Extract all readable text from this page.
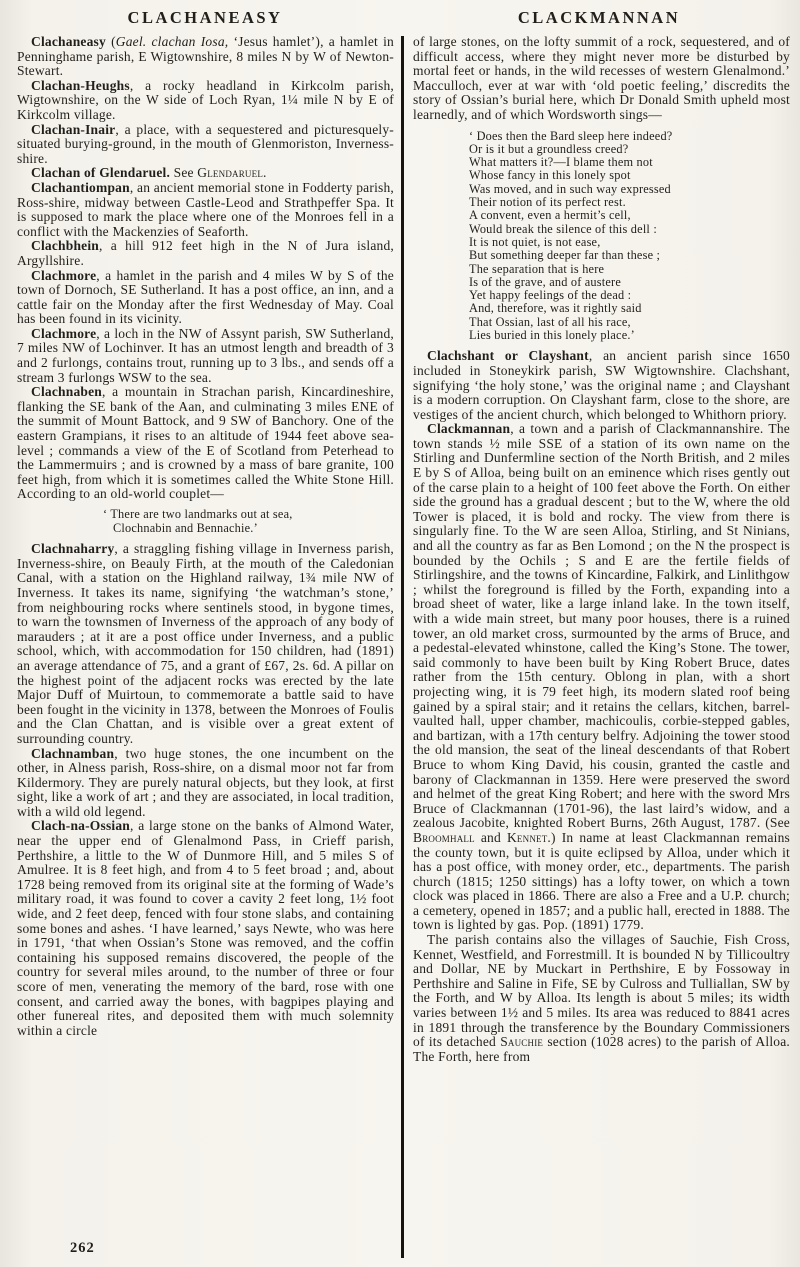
CLACHANEASY	CLACKMANNAN

Clachaneasy (Gael. clachan Iosa, ‘Jesus hamlet’), a hamlet in Penninghame parish, E Wigtownshire, 8 miles N by W of Newton-Stewart.

Clachan-Heughs, a rocky headland in Kirkcolm parish, Wigtownshire, on the W side of Loch Ryan, 1¼ mile N by E of Kirkcolm village.

Clachan-Inair, a place, with a sequestered and picturesquely-situated burying-ground, in the mouth of Glenmoriston, Inverness-shire.

Clachan of Glendaruel. See Glendaruel.

Clachantiompan, an ancient memorial stone in Fodderty parish, Ross-shire, midway between Castle-Leod and Strathpeffer Spa. It is supposed to mark the place where one of the Monroes fell in a conflict with the Mackenzies of Seaforth.

Clachbhein, a hill 912 feet high in the N of Jura island, Argyllshire.

Clachmore, a hamlet in the parish and 4 miles W by S of the town of Dornoch, SE Sutherland. It has a post office, an inn, and a cattle fair on the Monday after the first Wednesday of May. Coal has been found in its vicinity.

Clachmore, a loch in the NW of Assynt parish, SW Sutherland, 7 miles NW of Lochinver. It has an utmost length and breadth of 3 and 2 furlongs, contains trout, running up to 3 lbs., and sends off a stream 3 furlongs WSW to the sea.

Clachnaben, a mountain in Strachan parish, Kincardineshire, flanking the SE bank of the Aan, and culminating 3 miles ENE of the summit of Mount Battock, and 9 SW of Banchory. One of the eastern Grampians, it rises to an altitude of 1944 feet above sea-level ; commands a view of the E of Scotland from Peterhead to the Lammermuirs ; and is crowned by a mass of bare granite, 100 feet high, from which it is sometimes called the White Stone Hill. According to an old-world couplet—

‘ There are two landmarks out at sea,
Clochnabin and Bennachie.’

Clachnaharry, a straggling fishing village in Inverness parish, Inverness-shire, on Beauly Firth, at the mouth of the Caledonian Canal, with a station on the Highland railway, 1¾ mile NW of Inverness. It takes its name, signifying ‘the watchman’s stone,’ from neighbouring rocks where sentinels stood, in bygone times, to warn the townsmen of Inverness of the approach of any body of marauders ; at it are a post office under Inverness, and a public school, which, with accommodation for 150 children, had (1891) an average attendance of 75, and a grant of £67, 2s. 6d. A pillar on the highest point of the adjacent rocks was erected by the late Major Duff of Muirtoun, to commemorate a battle said to have been fought in the vicinity in 1378, between the Monroes of Foulis and the Clan Chattan, and is visible over a great extent of surrounding country.

Clachnamban, two huge stones, the one incumbent on the other, in Alness parish, Ross-shire, on a dismal moor not far from Kildermory. They are purely natural objects, but they look, at first sight, like a work of art ; and they are associated, in local tradition, with a wild old legend.

Clach-na-Ossian, a large stone on the banks of Almond Water, near the upper end of Glenalmond Pass, in Crieff parish, Perthshire, a little to the W of Dunmore Hill, and 5 miles S of Amulree. It is 8 feet high, and from 4 to 5 feet broad ; and, about 1728 being removed from its original site at the forming of Wade’s military road, it was found to cover a cavity 2 feet long, 1½ foot wide, and 2 feet deep, fenced with four stone slabs, and containing some bones and ashes. ‘I have learned,’ says Newte, who was here in 1791, ‘that when Ossian’s Stone was removed, and the coffin containing his supposed remains discovered, the people of the country for several miles around, to the number of three or four score of men, venerating the memory of the bard, rose with one consent, and carried away the bones, with bagpipes playing and other funereal rites, and deposited them with much solemnity within a circle

of large stones, on the lofty summit of a rock, sequestered, and of difficult access, where they might never more be disturbed by mortal feet or hands, in the wild recesses of western Glenalmond.’ Macculloch, ever at war with ‘old poetic feeling,’ discredits the story of Ossian’s burial here, which Dr Donald Smith upheld most learnedly, and of which Wordsworth sings—

‘ Does then the Bard sleep here indeed?
Or is it but a groundless creed?
What matters it?—I blame them not
Whose fancy in this lonely spot
Was moved, and in such way expressed
Their notion of its perfect rest.
A convent, even a hermit’s cell,
Would break the silence of this dell :
It is not quiet, is not ease,
But something deeper far than these ;
The separation that is here
Is of the grave, and of austere
Yet happy feelings of the dead :
And, therefore, was it rightly said
That Ossian, last of all his race,
Lies buried in this lonely place.’

Clachshant or Clayshant, an ancient parish since 1650 included in Stoneykirk parish, SW Wigtownshire. Clachshant, signifying ‘the holy stone,’ was the original name ; and Clayshant is a modern corruption. On Clayshant farm, close to the shore, are vestiges of the ancient church, which belonged to Whithorn priory.

Clackmannan, a town and a parish of Clackmannanshire. The town stands ½ mile SSE of a station of its own name on the Stirling and Dunfermline section of the North British, and 2 miles E by S of Alloa, being built on an eminence which rises gently out of the carse plain to a height of 100 feet above the Forth. On either side the ground has a gradual descent ; but to the W, where the old Tower is placed, it is bold and rocky. The view from there is singularly fine. To the W are seen Alloa, Stirling, and St Ninians, and all the country as far as Ben Lomond ; on the N the prospect is bounded by the Ochils ; S and E are the fertile fields of Stirlingshire, and the towns of Kincardine, Falkirk, and Linlithgow ; whilst the foreground is filled by the Forth, expanding into a broad sheet of water, like a large inland lake. In the town itself, with a wide main street, but many poor houses, there is a ruined tower, an old market cross, surmounted by the arms of Bruce, and a pedestal-elevated whinstone, called the King’s Stone. The tower, said commonly to have been built by King Robert Bruce, dates rather from the 15th century. Oblong in plan, with a short projecting wing, it is 79 feet high, its modern slated roof being gained by a spiral stair; and it retains the cellars, kitchen, barrel-vaulted hall, upper chamber, machicoulis, corbie-stepped gables, and bartizan, with a 17th century belfry. Adjoining the tower stood the old mansion, the seat of the lineal descendants of that Robert Bruce to whom King David, his cousin, granted the castle and barony of Clackmannan in 1359. Here were preserved the sword and helmet of the great King Robert; and here with the sword Mrs Bruce of Clackmannan (1701-96), the last laird’s widow, and a zealous Jacobite, knighted Robert Burns, 26th August, 1787. (See Broomhall and Kennet.) In name at least Clackmannan remains the county town, but it is quite eclipsed by Alloa, under which it has a post office, with money order, etc., departments. The parish church (1815; 1250 sittings) has a lofty tower, on which a town clock was placed in 1866. There are also a Free and a U.P. church; a cemetery, opened in 1857; and a public hall, erected in 1888. The town is lighted by gas. Pop. (1891) 1779.

The parish contains also the villages of Sauchie, Fish Cross, Kennet, Westfield, and Forrestmill. It is bounded N by Tillicoultry and Dollar, NE by Muckart in Perthshire, E by Fossoway in Perthshire and Saline in Fife, SE by Culross and Tulliallan, SW by the Forth, and W by Alloa. Its length is about 5 miles; its width varies between 1½ and 5 miles. Its area was reduced to 8841 acres in 1891 through the transference by the Boundary Commissioners of its detached Sauchie section (1028 acres) to the parish of Alloa. The Forth, here from

262
